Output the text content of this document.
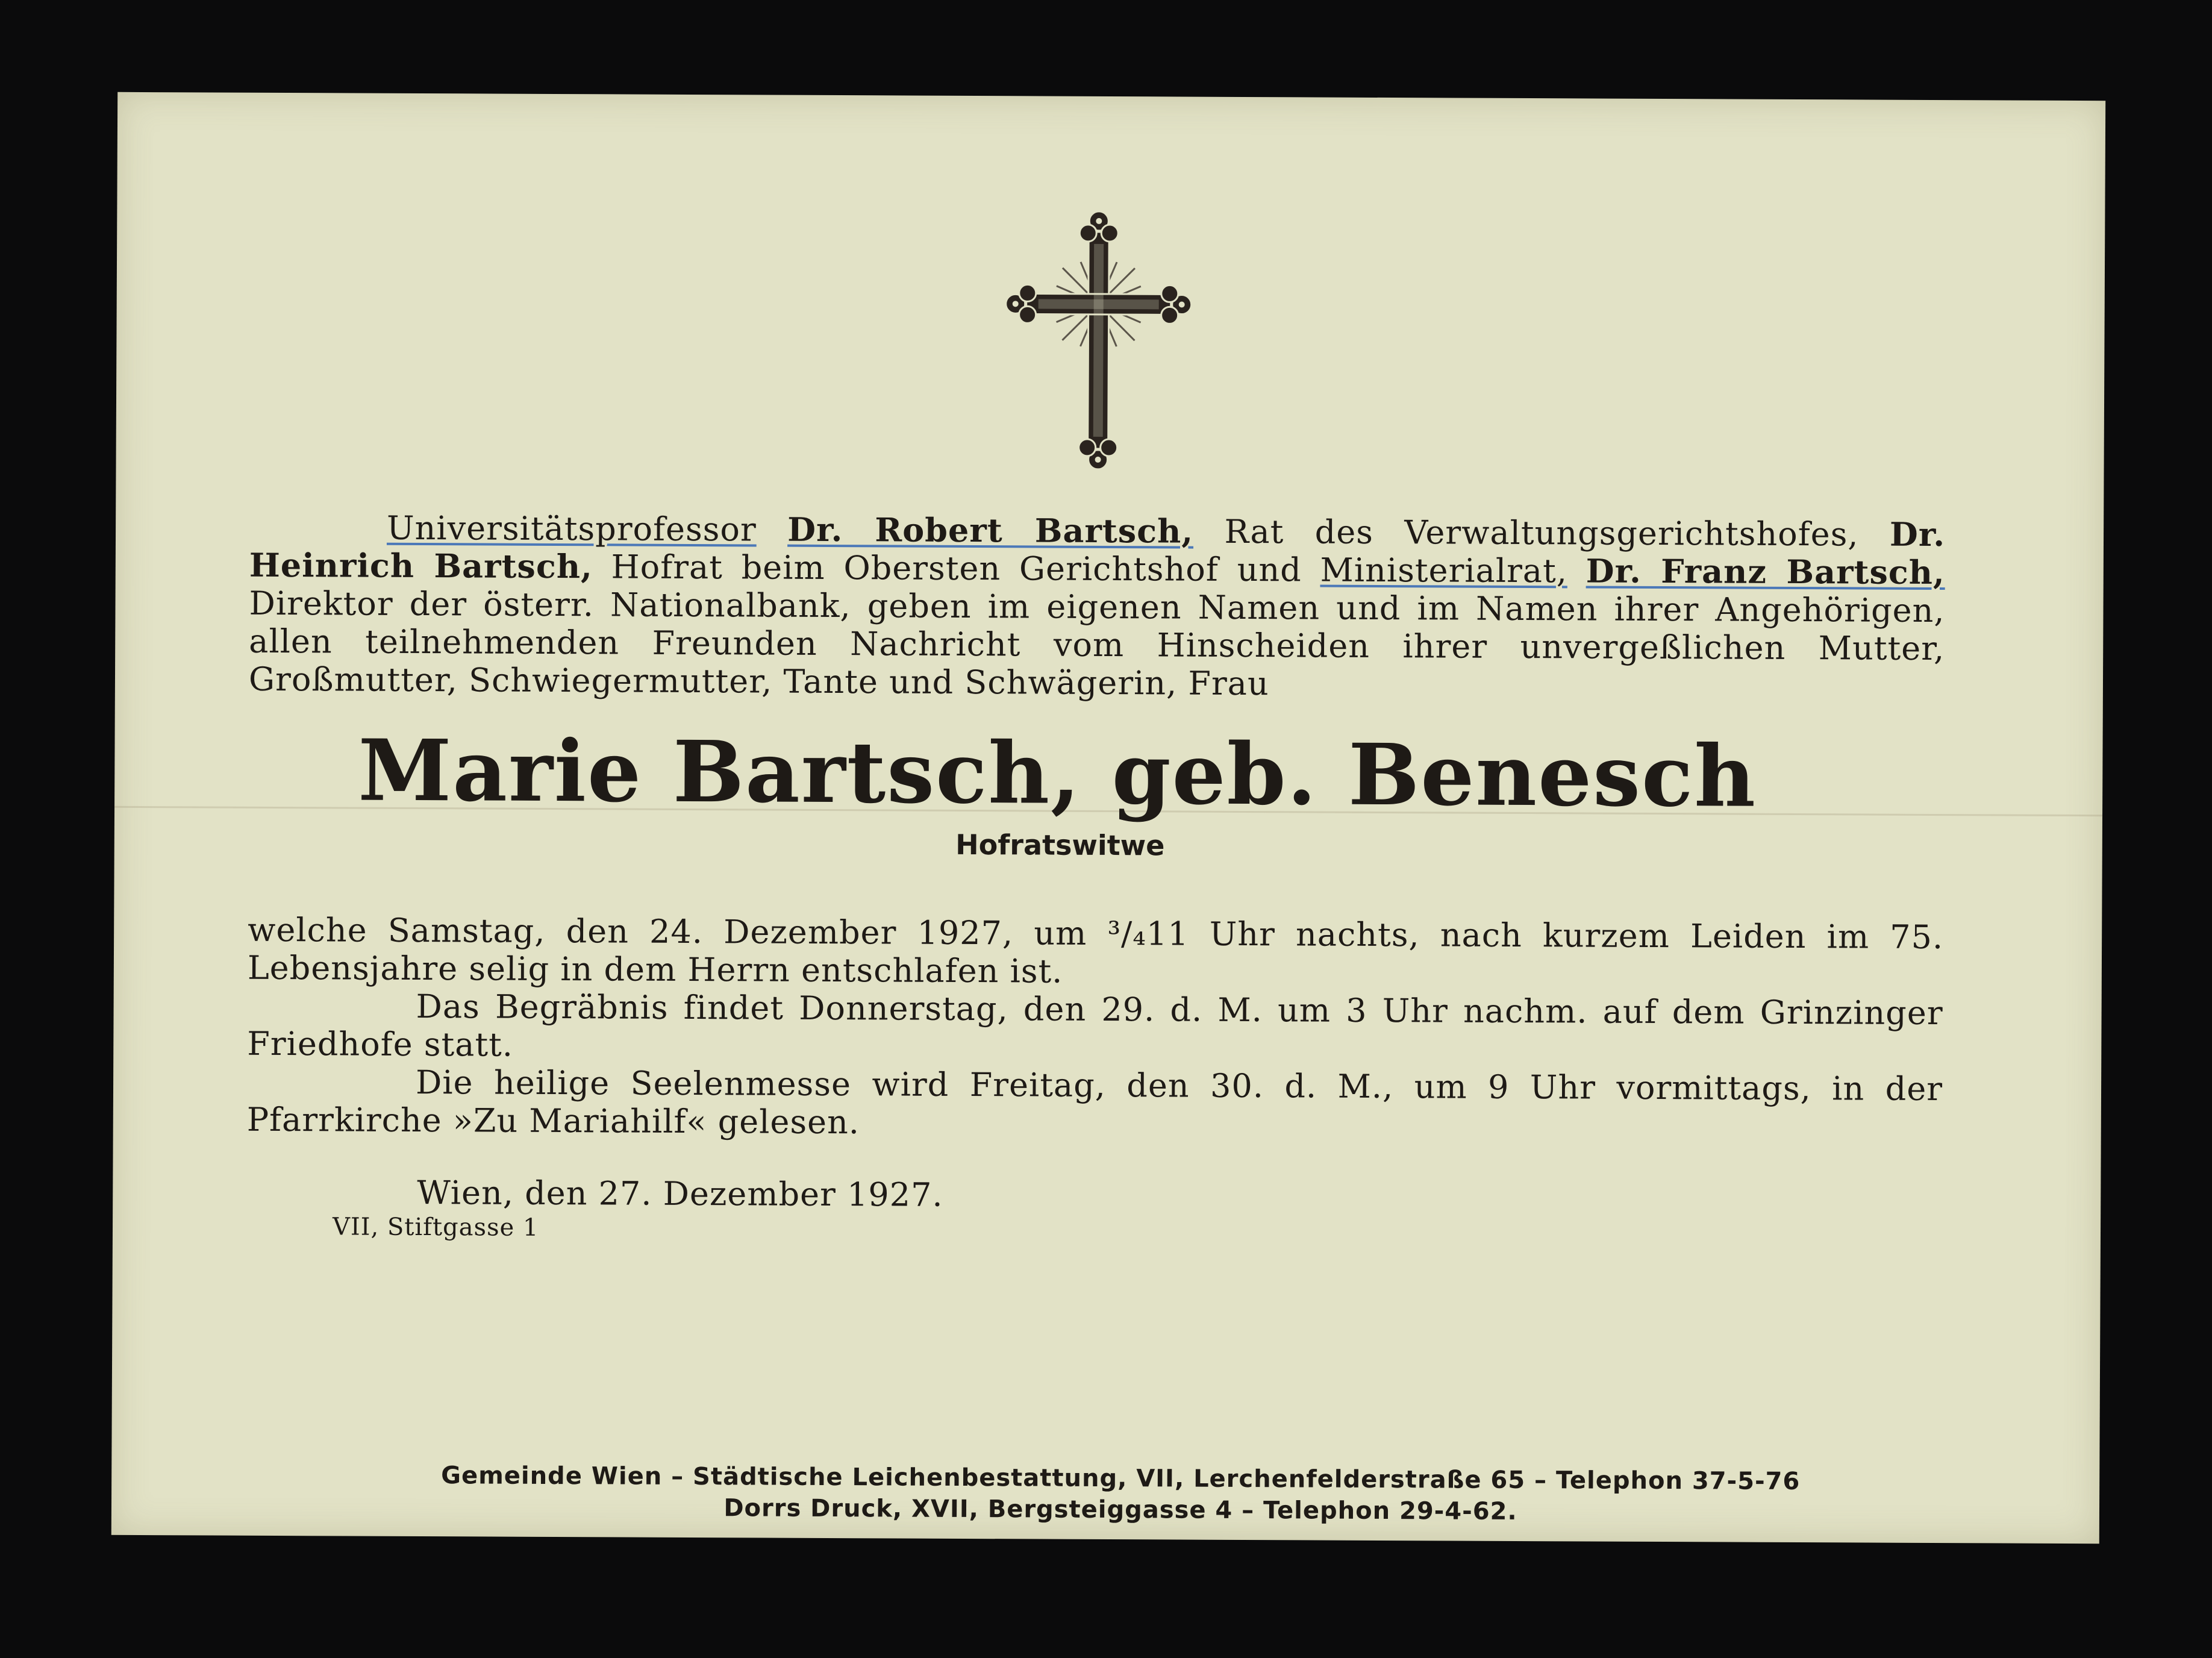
Universitätsprofessor Dr. Robert Bartsch, Rat des Verwaltungsgerichtshofes, Dr. Heinrich Bartsch, Hofrat beim Obersten Gerichtshof und Ministerialrat, Dr. Franz Bartsch, Direktor der österr. Nationalbank, geben im eigenen Namen und im Namen ihrer Angehörigen, allen teilnehmenden Freunden Nachricht vom Hinscheiden ihrer unvergeßlichen Mutter, Großmutter, Schwiegermutter, Tante und Schwägerin, Frau

Marie Bartsch, geb. Benesch
Hofratswitwe

welche Samstag, den 24. Dezember 1927, um ³/₄11 Uhr nachts, nach kurzem Leiden im 75. Lebensjahre selig in dem Herrn entschlafen ist.

Das Begräbnis findet Donnerstag, den 29. d. M. um 3 Uhr nachm. auf dem Grinzinger Friedhofe statt.

Die heilige Seelenmesse wird Freitag, den 30. d. M., um 9 Uhr vormittags, in der Pfarrkirche »Zu Mariahilf« gelesen.

Wien, den 27. Dezember 1927.
VII, Stiftgasse 1
Gemeinde Wien – Städtische Leichenbestattung, VII, Lerchenfelderstraße 65 – Telephon 37-5-76
Dorrs Druck, XVII, Bergsteiggasse 4 – Telephon 29-4-62.
